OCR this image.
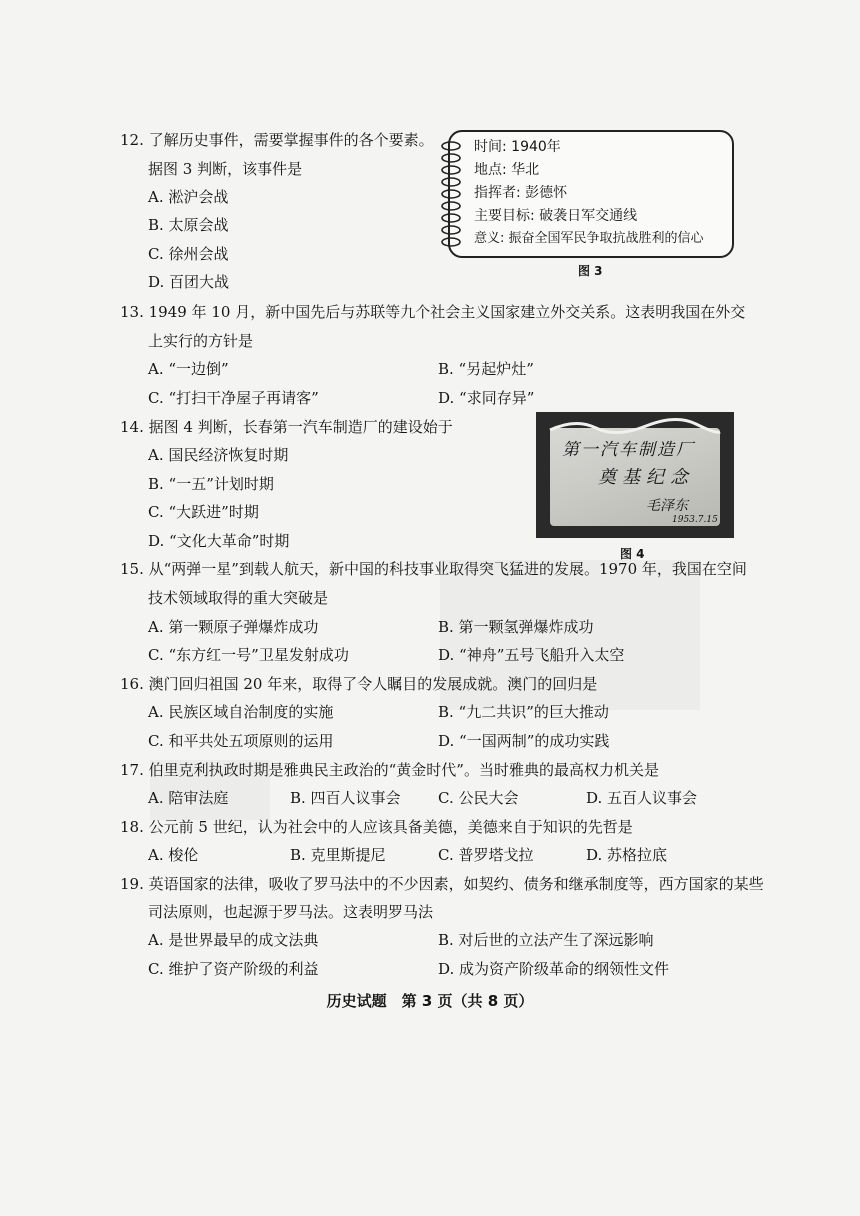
12. 了解历史事件，需要掌握事件的各个要素。
据图 3 判断，该事件是
A. 淞沪会战
B. 太原会战
C. 徐州会战
D. 百团大战
时间: 1940年
地点: 华北
指挥者: 彭德怀
主要目标: 破袭日军交通线
意义: 振奋全国军民争取抗战胜利的信心
图 3
13. 1949 年 10 月，新中国先后与苏联等九个社会主义国家建立外交关系。这表明我国在外交
上实行的方针是
A. “一边倒”	B. “另起炉灶”
C. “打扫干净屋子再请客”	D. “求同存异”
14. 据图 4 判断，长春第一汽车制造厂的建设始于
A. 国民经济恢复时期
B. “一五”计划时期
C. “大跃进”时期
D. “文化大革命”时期
第一汽车制造厂
奠基纪念
毛泽东
1953.7.15
图 4
15. 从“两弹一星”到载人航天，新中国的科技事业取得突飞猛进的发展。1970 年，我国在空间
技术领域取得的重大突破是
A. 第一颗原子弹爆炸成功	B. 第一颗氢弹爆炸成功
C. “东方红一号”卫星发射成功	D. “神舟”五号飞船升入太空
16. 澳门回归祖国 20 年来，取得了令人瞩目的发展成就。澳门的回归是
A. 民族区域自治制度的实施	B. “九二共识”的巨大推动
C. 和平共处五项原则的运用	D. “一国两制”的成功实践
17. 伯里克利执政时期是雅典民主政治的“黄金时代”。当时雅典的最高权力机关是
A. 陪审法庭	B. 四百人议事会 C. 公民大会	D. 五百人议事会
18. 公元前 5 世纪，认为社会中的人应该具备美德，美德来自于知识的先哲是
A. 梭伦	B. 克里斯提尼	C. 普罗塔戈拉	D. 苏格拉底
19. 英语国家的法律，吸收了罗马法中的不少因素，如契约、债务和继承制度等，西方国家的某些
司法原则，也起源于罗马法。这表明罗马法
A. 是世界最早的成文法典	B. 对后世的立法产生了深远影响
C. 维护了资产阶级的利益	D. 成为资产阶级革命的纲领性文件
历史试题　第 3 页（共 8 页）
